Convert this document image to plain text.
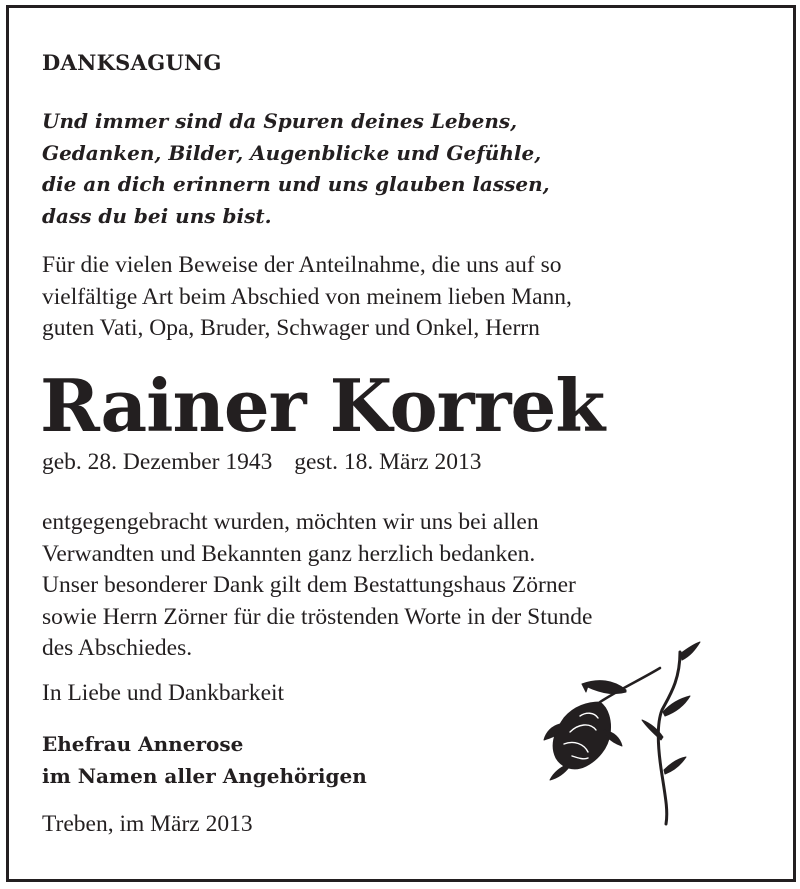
DANKSAGUNG
Und immer sind da Spuren deines Lebens,
Gedanken, Bilder, Augenblicke und Gefühle,
die an dich erinnern und uns glauben lassen,
dass du bei uns bist.
Für die vielen Beweise der Anteilnahme, die uns auf so
vielfältige Art beim Abschied von meinem lieben Mann,
guten Vati, Opa, Bruder, Schwager und Onkel, Herrn
Rainer Korrek
geb. 28. Dezember 1943 gest. 18. März 2013
entgegengebracht wurden, möchten wir uns bei allen
Verwandten und Bekannten ganz herzlich bedanken.
Unser besonderer Dank gilt dem Bestattungshaus Zörner
sowie Herrn Zörner für die tröstenden Worte in der Stunde
des Abschiedes.
In Liebe und Dankbarkeit
Ehefrau Annerose
im Namen aller Angehörigen
Treben, im März 2013
